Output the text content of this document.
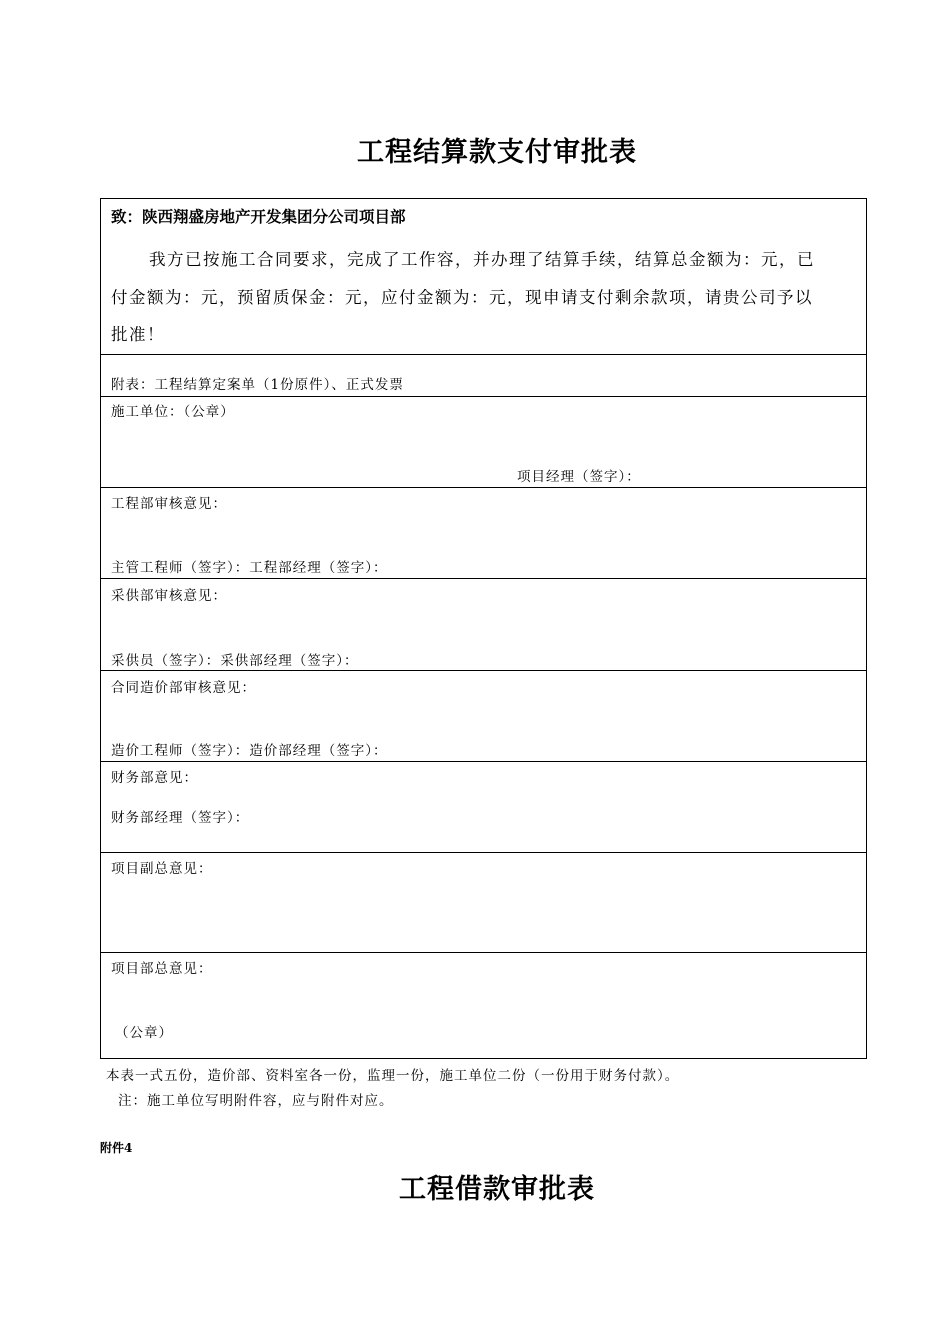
工程结算款支付审批表
致：陕西翔盛房地产开发集团分公司项目部
我方已按施工合同要求，完成了工作容，并办理了结算手续，结算总金额为：元，已
付金额为：元，预留质保金：元，应付金额为：元，现申请支付剩余款项，请贵公司予以
批准！
附表：工程结算定案单（1份原件）、正式发票
施工单位：（公章）
项目经理（签字）：
工程部审核意见：
主管工程师（签字）：工程部经理（签字）：
采供部审核意见：
采供员（签字）：采供部经理（签字）：
合同造价部审核意见：
造价工程师（签字）：造价部经理（签字）：
财务部意见：
财务部经理（签字）：
项目副总意见：
项目部总意见：
（公章）
本表一式五份，造价部、资料室各一份，监理一份，施工单位二份（一份用于财务付款）。
注：施工单位写明附件容，应与附件对应。
附件4
工程借款审批表
